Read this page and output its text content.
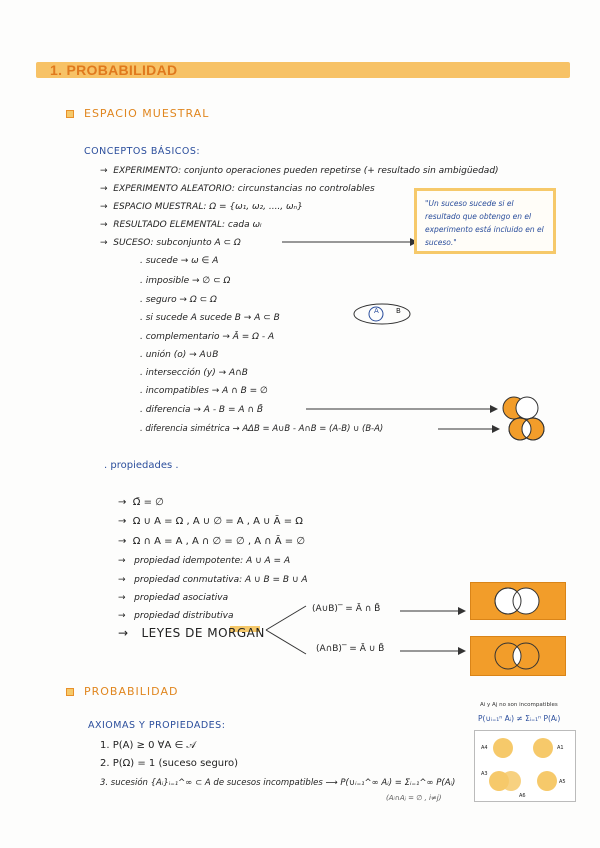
1. PROBABILIDAD
ESPACIO MUESTRAL
CONCEPTOS BÁSICOS:
→  EXPERIMENTO: conjunto operaciones pueden repetirse (+ resultado sin ambigüedad)
→  EXPERIMENTO ALEATORIO: circunstancias no controlables
→  ESPACIO MUESTRAL: Ω = {ω₁, ω₂, ...., ωₙ}
→  RESULTADO ELEMENTAL: cada ωᵢ
→  SUCESO: subconjunto A ⊂ Ω
"Un suceso sucede si el resultado que obtengo en el experimento está incluido en el suceso."
. sucede → ω ∈ A
. imposible → ∅ ⊂ Ω
. seguro → Ω ⊂ Ω
. si sucede A sucede B → A ⊂ B
. complementario → Ā = Ω - A
. unión (o) → A∪B
. intersección (y) → A∩B
. incompatibles → A ∩ B = ∅
. diferencia → A - B = A ∩ B̄
. diferencia simétrica → AΔB = A∪B - A∩B = (A-B) ∪ (B-A)
A B
. propiedades .
→  Ω̄ = ∅
→  Ω ∪ A = Ω , A ∪ ∅ = A , A ∪ Ā = Ω
→  Ω ∩ A = A , A ∩ ∅ = ∅ , A ∩ Ā = ∅
→   propiedad idempotente: A ∪ A = A
→   propiedad conmutativa: A ∪ B = B ∪ A
→   propiedad asociativa
→   propiedad distributiva
→   LEYES DE MORGAN
(A∪B)‾ = Ā ∩ B̄
(A∩B)‾ = Ā ∪ B̄
PROBABILIDAD
AXIOMAS Y PROPIEDADES:
1. P(A) ≥ 0 ∀A ∈ 𝒜
2. P(Ω) = 1 (suceso seguro)
3. sucesión {Aᵢ}ᵢ₌₁^∞ ⊂ A de sucesos incompatibles ⟶ P(∪ᵢ₌₁^∞ Aᵢ) = Σᵢ₌₁^∞ P(Aᵢ)
(Aᵢ∩Aⱼ = ∅ , i≠j)
Ai y Aj no son incompatibles
P(∪ᵢ₌₁ⁿ Aᵢ) ≠ Σᵢ₌₁ⁿ P(Aᵢ)
A4	A1
A3
A5
A6
